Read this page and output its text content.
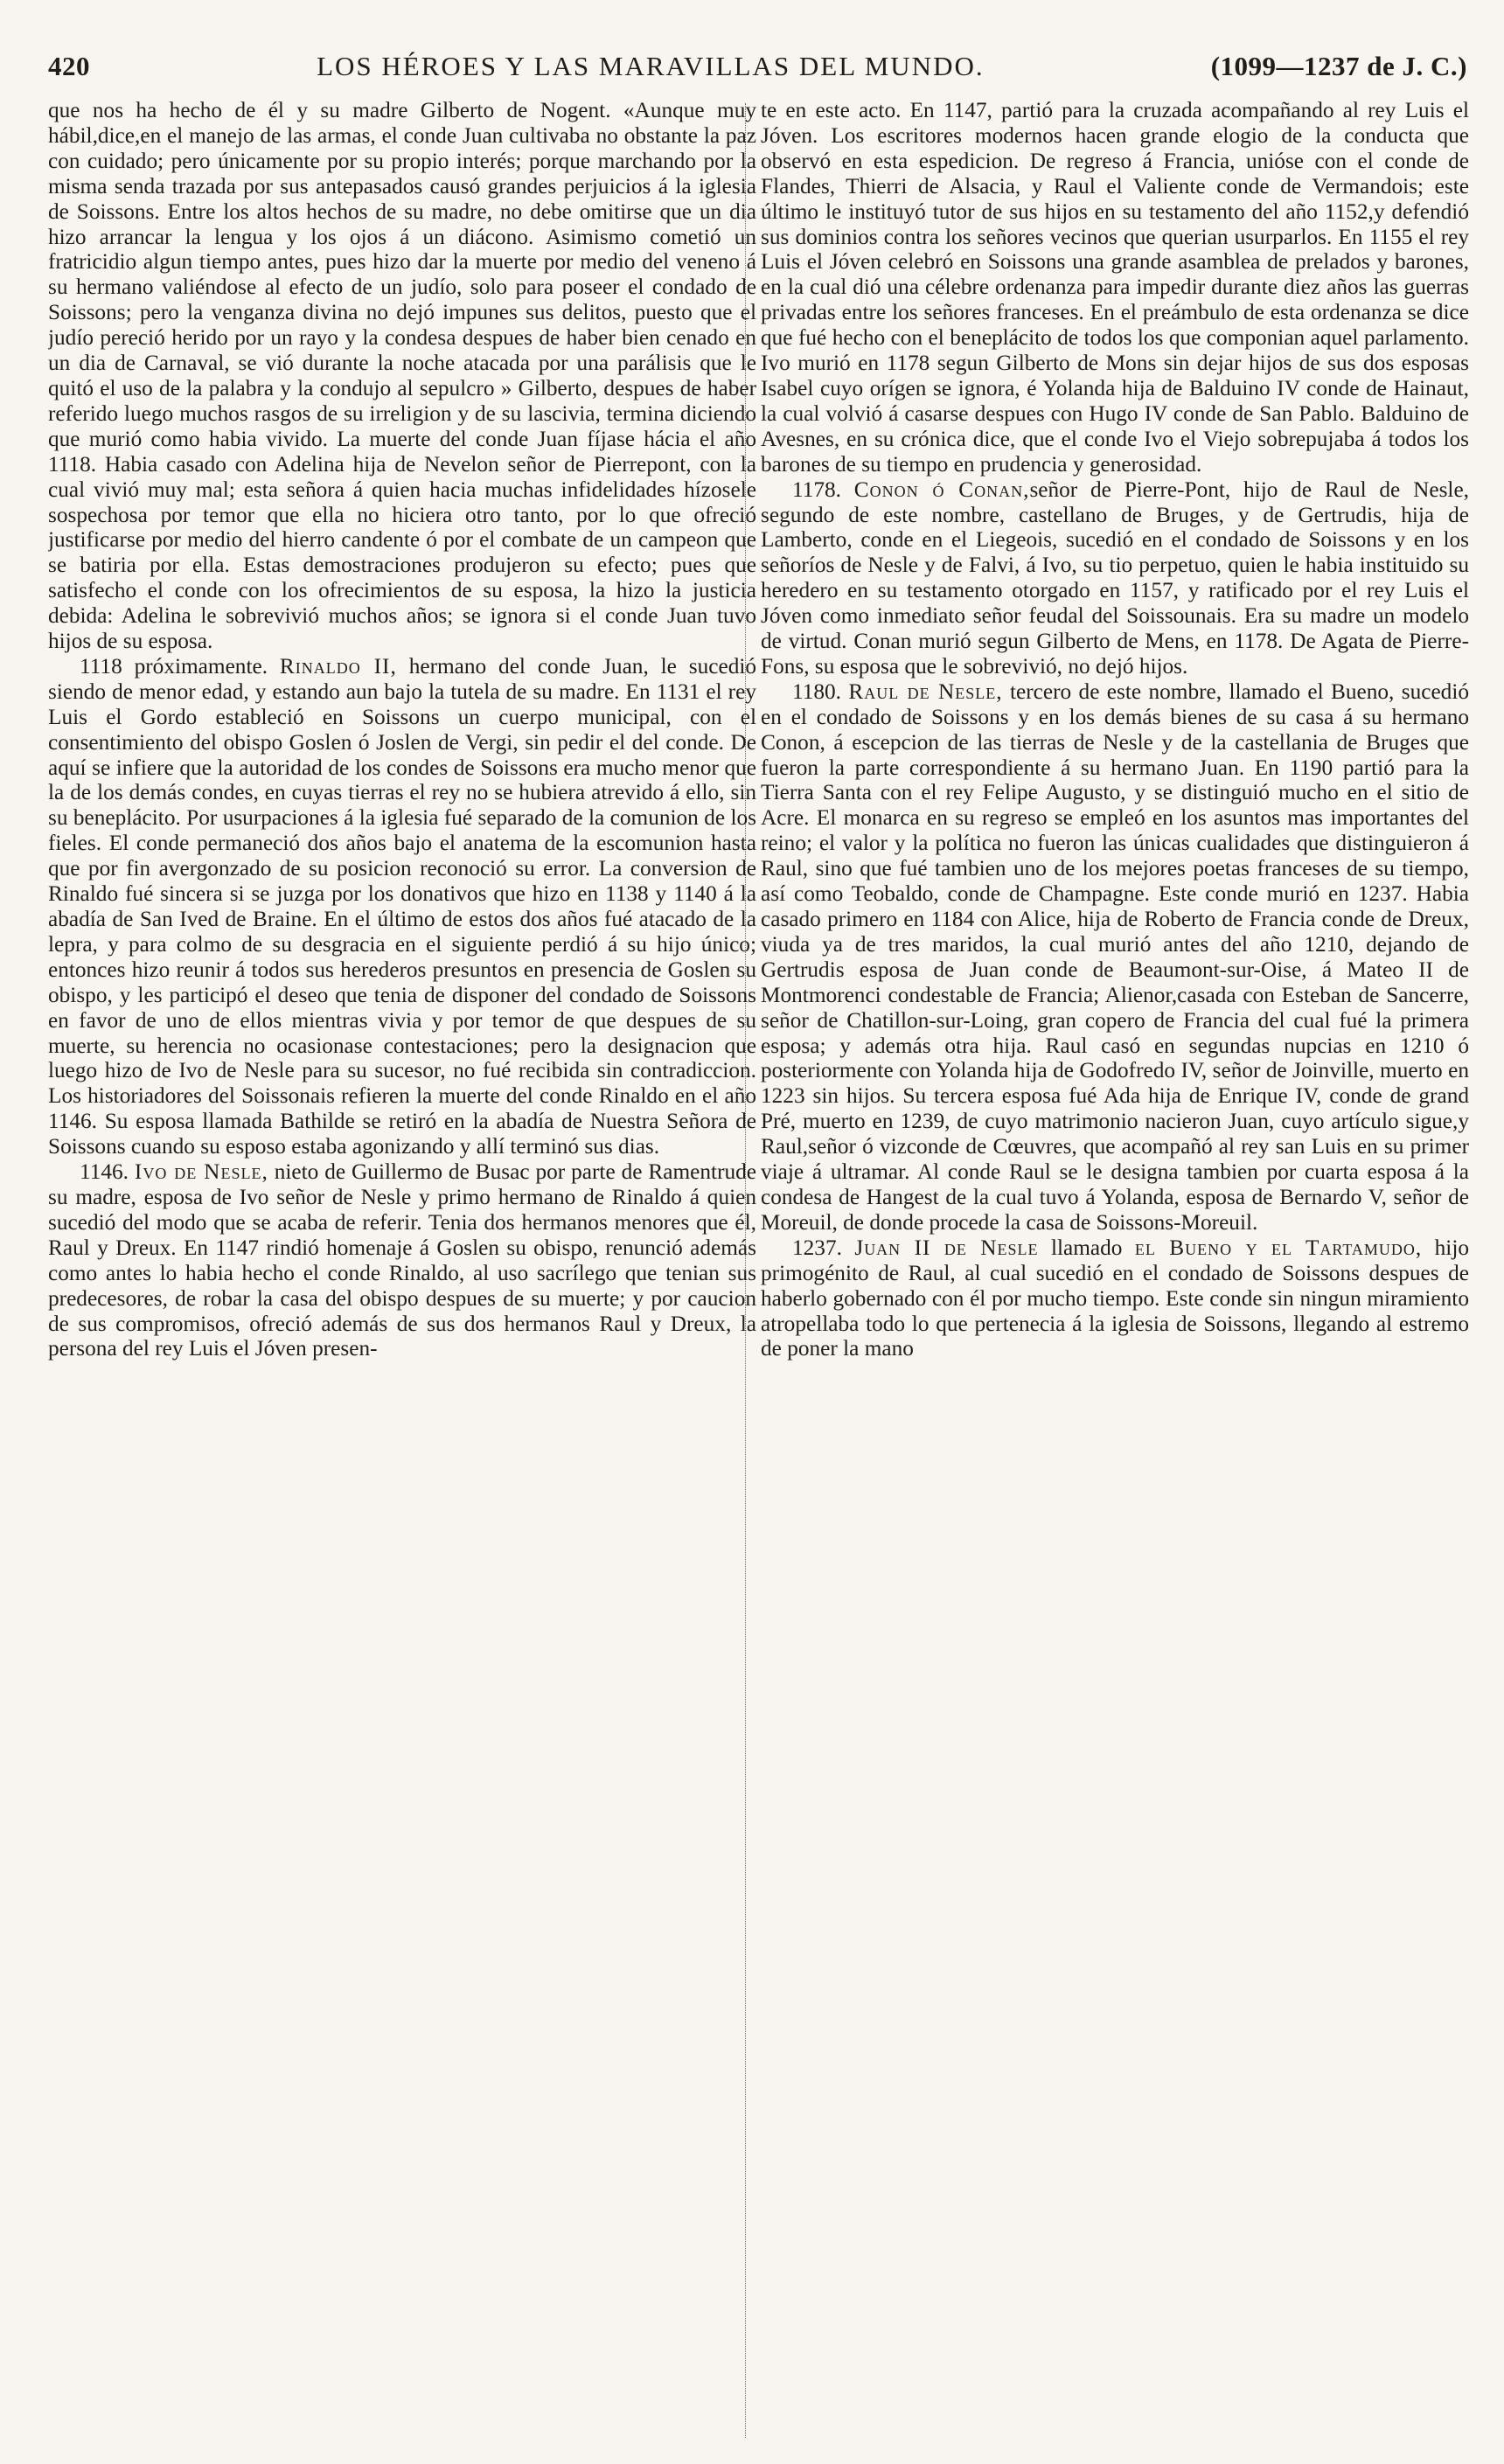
420	LOS HÉROES Y LAS MARAVILLAS DEL MUNDO.	(1099—1237 de J. C.)

que nos ha hecho de él y su madre Gilberto de Nogent. «Aunque muy hábil,dice,en el manejo de las armas, el conde Juan cultivaba no obstante la paz con cuidado; pero únicamente por su propio interés; porque marchando por la misma senda trazada por sus antepasados causó grandes perjuicios á la iglesia de Soissons. Entre los altos hechos de su madre, no debe omitirse que un dia hizo arrancar la lengua y los ojos á un diácono. Asimismo cometió un fratricidio algun tiempo antes, pues hizo dar la muerte por medio del veneno á su hermano valiéndose al efecto de un judío, solo para poseer el condado de Soissons; pero la venganza divina no dejó impunes sus delitos, puesto que el judío pereció herido por un rayo y la condesa despues de haber bien cenado en un dia de Carnaval, se vió durante la noche atacada por una parálisis que le quitó el uso de la palabra y la condujo al sepulcro » Gilberto, despues de haber referido luego muchos rasgos de su irreligion y de su lascivia, termina diciendo que murió como habia vivido. La muerte del conde Juan fíjase hácia el año 1118. Habia casado con Adelina hija de Nevelon señor de Pierrepont, con la cual vivió muy mal; esta señora á quien hacia muchas infidelidades hízosele sospechosa por temor que ella no hiciera otro tanto, por lo que ofreció justificarse por medio del hierro candente ó por el combate de un campeon que se batiria por ella. Estas demostraciones produjeron su efecto; pues que satisfecho el conde con los ofrecimientos de su esposa, la hizo la justicia debida: Adelina le sobrevivió muchos años; se ignora si el conde Juan tuvo hijos de su esposa.

1118 próximamente. Rinaldo II, hermano del conde Juan, le sucedió siendo de menor edad, y estando aun bajo la tutela de su madre. En 1131 el rey Luis el Gordo estableció en Soissons un cuerpo municipal, con el consentimiento del obispo Goslen ó Joslen de Vergi, sin pedir el del conde. De aquí se infiere que la autoridad de los condes de Soissons era mucho menor que la de los demás condes, en cuyas tierras el rey no se hubiera atrevido á ello, sin su beneplácito. Por usurpaciones á la iglesia fué separado de la comunion de los fieles. El conde permaneció dos años bajo el anatema de la escomunion hasta que por fin avergonzado de su posicion reconoció su error. La conversion de Rinaldo fué sincera si se juzga por los donativos que hizo en 1138 y 1140 á la abadía de San Ived de Braine. En el último de estos dos años fué atacado de la lepra, y para colmo de su desgracia en el siguiente perdió á su hijo único; entonces hizo reunir á todos sus herederos presuntos en presencia de Goslen su obispo, y les participó el deseo que tenia de disponer del condado de Soissons en favor de uno de ellos mientras vivia y por temor de que despues de su muerte, su herencia no ocasionase contestaciones; pero la designacion que luego hizo de Ivo de Nesle para su sucesor, no fué recibida sin contradiccion. Los historiadores del Soissonais refieren la muerte del conde Rinaldo en el año 1146. Su esposa llamada Bathilde se retiró en la abadía de Nuestra Señora de Soissons cuando su esposo estaba agonizando y allí terminó sus dias.

1146. Ivo de Nesle, nieto de Guillermo de Busac por parte de Ramentrude su madre, esposa de Ivo señor de Nesle y primo hermano de Rinaldo á quien sucedió del modo que se acaba de referir. Tenia dos hermanos menores que él, Raul y Dreux. En 1147 rindió homenaje á Goslen su obispo, renunció además como antes lo habia hecho el conde Rinaldo, al uso sacrílego que tenian sus predecesores, de robar la casa del obispo despues de su muerte; y por caucion de sus compromisos, ofreció además de sus dos hermanos Raul y Dreux, la persona del rey Luis el Jóven presen-

te en este acto. En 1147, partió para la cruzada acompañando al rey Luis el Jóven. Los escritores modernos hacen grande elogio de la conducta que observó en esta espedicion. De regreso á Francia, unióse con el conde de Flandes, Thierri de Alsacia, y Raul el Valiente conde de Vermandois; este último le instituyó tutor de sus hijos en su testamento del año 1152,y defendió sus dominios contra los señores vecinos que querian usurparlos. En 1155 el rey Luis el Jóven celebró en Soissons una grande asamblea de prelados y barones, en la cual dió una célebre ordenanza para impedir durante diez años las guerras privadas entre los señores franceses. En el preámbulo de esta ordenanza se dice que fué hecho con el beneplácito de todos los que componian aquel parlamento. Ivo murió en 1178 segun Gilberto de Mons sin dejar hijos de sus dos esposas Isabel cuyo orígen se ignora, é Yolanda hija de Balduino IV conde de Hainaut, la cual volvió á casarse despues con Hugo IV conde de San Pablo. Balduino de Avesnes, en su crónica dice, que el conde Ivo el Viejo sobrepujaba á todos los barones de su tiempo en prudencia y generosidad.

1178. Conon ó Conan,señor de Pierre-Pont, hijo de Raul de Nesle, segundo de este nombre, castellano de Bruges, y de Gertrudis, hija de Lamberto, conde en el Liegeois, sucedió en el condado de Soissons y en los señoríos de Nesle y de Falvi, á Ivo, su tio perpetuo, quien le habia instituido su heredero en su testamento otorgado en 1157, y ratificado por el rey Luis el Jóven como inmediato señor feudal del Soissounais. Era su madre un modelo de virtud. Conan murió segun Gilberto de Mens, en 1178. De Agata de Pierre-Fons, su esposa que le sobrevivió, no dejó hijos.

1180. Raul de Nesle, tercero de este nombre, llamado el Bueno, sucedió en el condado de Soissons y en los demás bienes de su casa á su hermano Conon, á escepcion de las tierras de Nesle y de la castellania de Bruges que fueron la parte correspondiente á su hermano Juan. En 1190 partió para la Tierra Santa con el rey Felipe Augusto, y se distinguió mucho en el sitio de Acre. El monarca en su regreso se empleó en los asuntos mas importantes del reino; el valor y la política no fueron las únicas cualidades que distinguieron á Raul, sino que fué tambien uno de los mejores poetas franceses de su tiempo, así como Teobaldo, conde de Champagne. Este conde murió en 1237. Habia casado primero en 1184 con Alice, hija de Roberto de Francia conde de Dreux, viuda ya de tres maridos, la cual murió antes del año 1210, dejando de Gertrudis esposa de Juan conde de Beaumont-sur-Oise, á Mateo II de Montmorenci condestable de Francia; Alienor,casada con Esteban de Sancerre, señor de Chatillon-sur-Loing, gran copero de Francia del cual fué la primera esposa; y además otra hija. Raul casó en segundas nupcias en 1210 ó posteriormente con Yolanda hija de Godofredo IV, señor de Joinville, muerto en 1223 sin hijos. Su tercera esposa fué Ada hija de Enrique IV, conde de grand Pré, muerto en 1239, de cuyo matrimonio nacieron Juan, cuyo artículo sigue,y Raul,señor ó vizconde de Cœuvres, que acompañó al rey san Luis en su primer viaje á ultramar. Al conde Raul se le designa tambien por cuarta esposa á la condesa de Hangest de la cual tuvo á Yolanda, esposa de Bernardo V, señor de Moreuil, de donde procede la casa de Soissons-Moreuil.

1237. Juan II de Nesle llamado el Bueno y el Tartamudo, hijo primogénito de Raul, al cual sucedió en el condado de Soissons despues de haberlo gobernado con él por mucho tiempo. Este conde sin ningun miramiento atropellaba todo lo que pertenecia á la iglesia de Soissons, llegando al estremo de poner la mano
